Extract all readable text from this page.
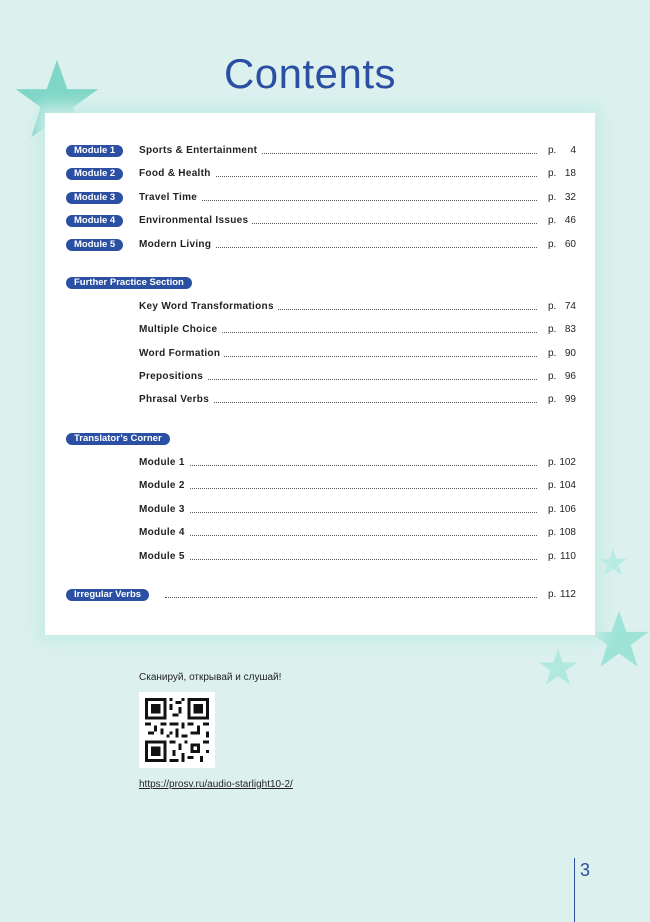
Contents
Module 1	Sports & Entertainment	p. 4
Module 2	Food & Health	p. 18
Module 3	Travel Time	p. 32
Module 4	Environmental Issues	p. 46
Module 5	Modern Living	p. 60
Further Practice Section
Key Word Transformations	p. 74
Multiple Choice	p. 83
Word Formation	p. 90
Prepositions	p. 96
Phrasal Verbs	p. 99
Translator’s Corner
Module 1	p. 102
Module 2	p. 104
Module 3	p. 106
Module 4	p. 108
Module 5	p. 110
Irregular Verbs	p. 112
Сканируй, открывай и слушай!
https://prosv.ru/audio-starlight10-2/
3
